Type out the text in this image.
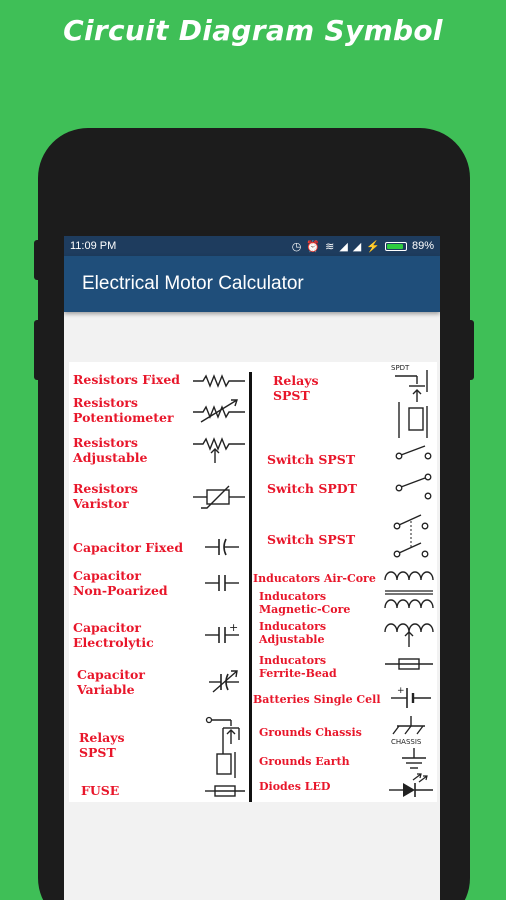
Circuit Diagram Symbol
11:09 PM	◷ ⏰ ≋ ◢ ◢ ⚡	89%
Electrical Motor Calculator
Resistors Fixed
Resistors
Potentiometer
Resistors
Adjustable
Resistors
Varistor
Capacitor Fixed
Capacitor
Non-Poarized
Capacitor
Electrolytic
Capacitor
Variable
Relays
SPST
FUSE
+
Relays
SPST
Switch SPST
Switch SPDT
Switch SPST
Inducators Air-Core
Inducators
Magnetic-Core
Inducators
Adjustable
Inducators
Ferrite-Bead
Batteries Single Cell
Grounds Chassis
Grounds Earth
Diodes LED
SPDT
+
CHASSIS
